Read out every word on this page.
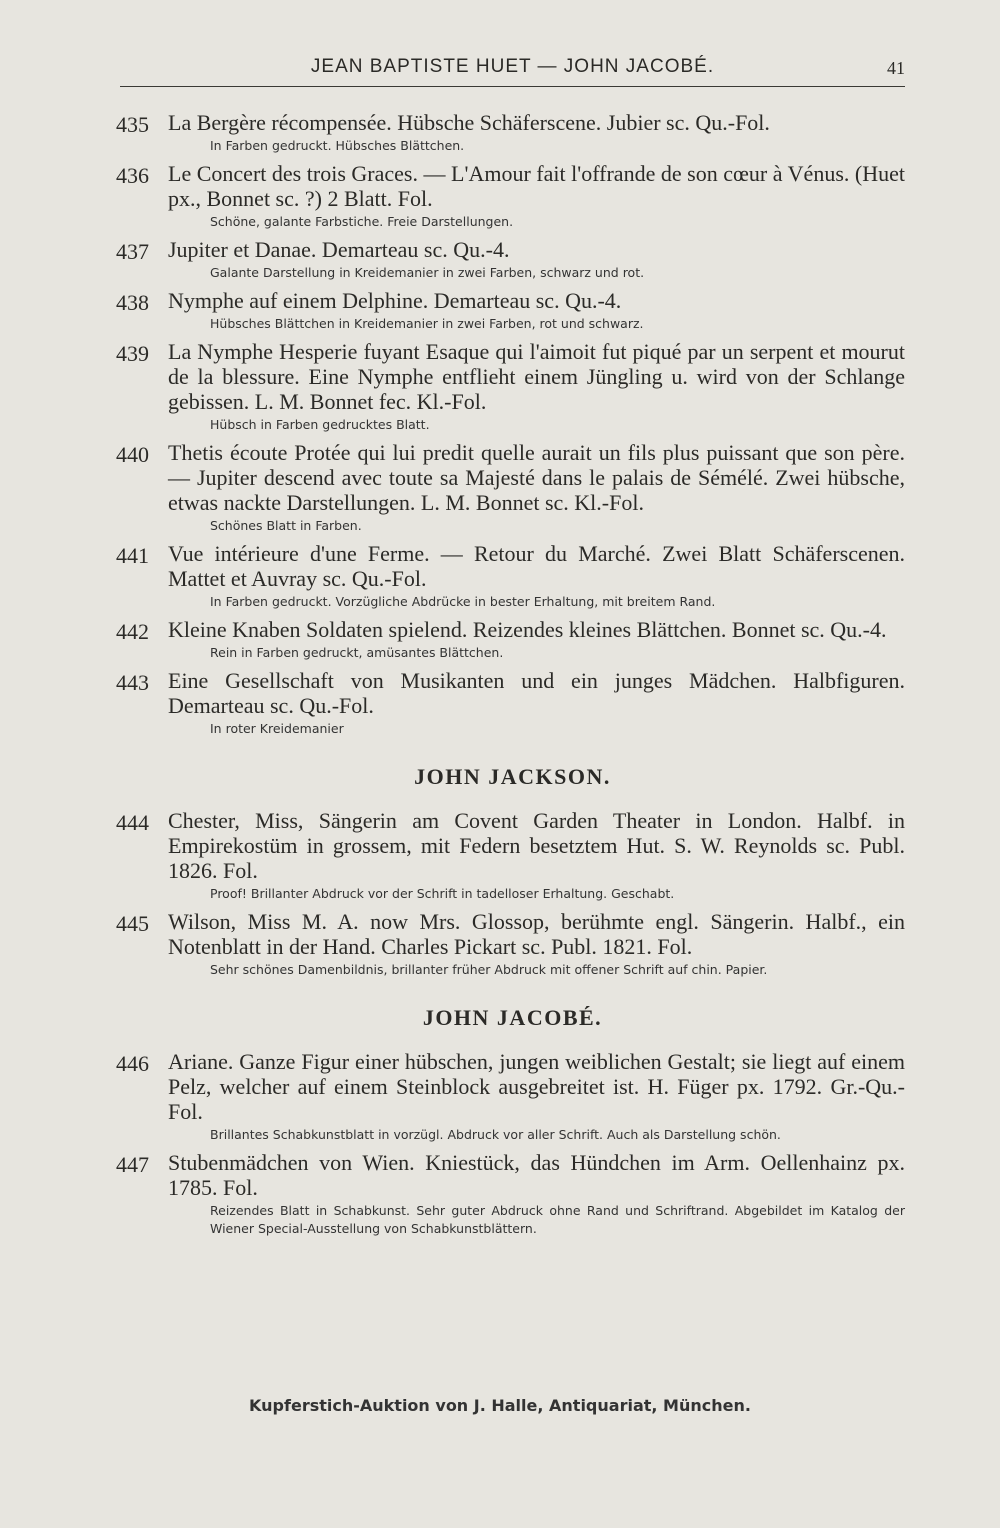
JEAN BAPTISTE HUET — JOHN JACOBÉ.	41
435 La Bergère récompensée. Hübsche Schäferscene. Jubier sc. Qu.-Fol.
In Farben gedruckt. Hübsches Blättchen.
436 Le Concert des trois Graces. — L'Amour fait l'offrande de son cœur à Vénus. (Huet px., Bonnet sc. ?) 2 Blatt. Fol.
Schöne, galante Farbstiche. Freie Darstellungen.
437 Jupiter et Danae. Demarteau sc. Qu.-4.
Galante Darstellung in Kreidemanier in zwei Farben, schwarz und rot.
438 Nymphe auf einem Delphine. Demarteau sc. Qu.-4.
Hübsches Blättchen in Kreidemanier in zwei Farben, rot und schwarz.
439 La Nymphe Hesperie fuyant Esaque qui l'aimoit fut piqué par un serpent et mourut de la blessure. Eine Nymphe entflieht einem Jüngling u. wird von der Schlange gebissen. L. M. Bonnet fec. Kl.-Fol.
Hübsch in Farben gedrucktes Blatt.
440 Thetis écoute Protée qui lui predit quelle aurait un fils plus puissant que son père. — Jupiter descend avec toute sa Majesté dans le palais de Sémélé. Zwei hübsche, etwas nackte Darstellungen. L. M. Bonnet sc. Kl.-Fol.
Schönes Blatt in Farben.
441 Vue intérieure d'une Ferme. — Retour du Marché. Zwei Blatt Schäferscenen. Mattet et Auvray sc. Qu.-Fol.
In Farben gedruckt. Vorzügliche Abdrücke in bester Erhaltung, mit breitem Rand.
442 Kleine Knaben Soldaten spielend. Reizendes kleines Blättchen. Bonnet sc. Qu.-4.
Rein in Farben gedruckt, amüsantes Blättchen.
443 Eine Gesellschaft von Musikanten und ein junges Mädchen. Halbfiguren. Demarteau sc. Qu.-Fol.
In roter Kreidemanier
JOHN JACKSON.
444 Chester, Miss, Sängerin am Covent Garden Theater in London. Halbf. in Empirekostüm in grossem, mit Federn besetztem Hut. S. W. Reynolds sc. Publ. 1826. Fol.
Proof! Brillanter Abdruck vor der Schrift in tadelloser Erhaltung. Geschabt.
445 Wilson, Miss M. A. now Mrs. Glossop, berühmte engl. Sängerin. Halbf., ein Notenblatt in der Hand. Charles Pickart sc. Publ. 1821. Fol.
Sehr schönes Damenbildnis, brillanter früher Abdruck mit offener Schrift auf chin. Papier.
JOHN JACOBÉ.
446 Ariane. Ganze Figur einer hübschen, jungen weiblichen Gestalt; sie liegt auf einem Pelz, welcher auf einem Steinblock ausgebreitet ist. H. Füger px. 1792. Gr.-Qu.-Fol.
Brillantes Schabkunstblatt in vorzügl. Abdruck vor aller Schrift. Auch als Darstellung schön.
447 Stubenmädchen von Wien. Kniestück, das Hündchen im Arm. Oellenhainz px. 1785. Fol.
Reizendes Blatt in Schabkunst. Sehr guter Abdruck ohne Rand und Schriftrand. Abgebildet im Katalog der Wiener Special-Ausstellung von Schabkunstblättern.
Kupferstich-Auktion von J. Halle, Antiquariat, München.
